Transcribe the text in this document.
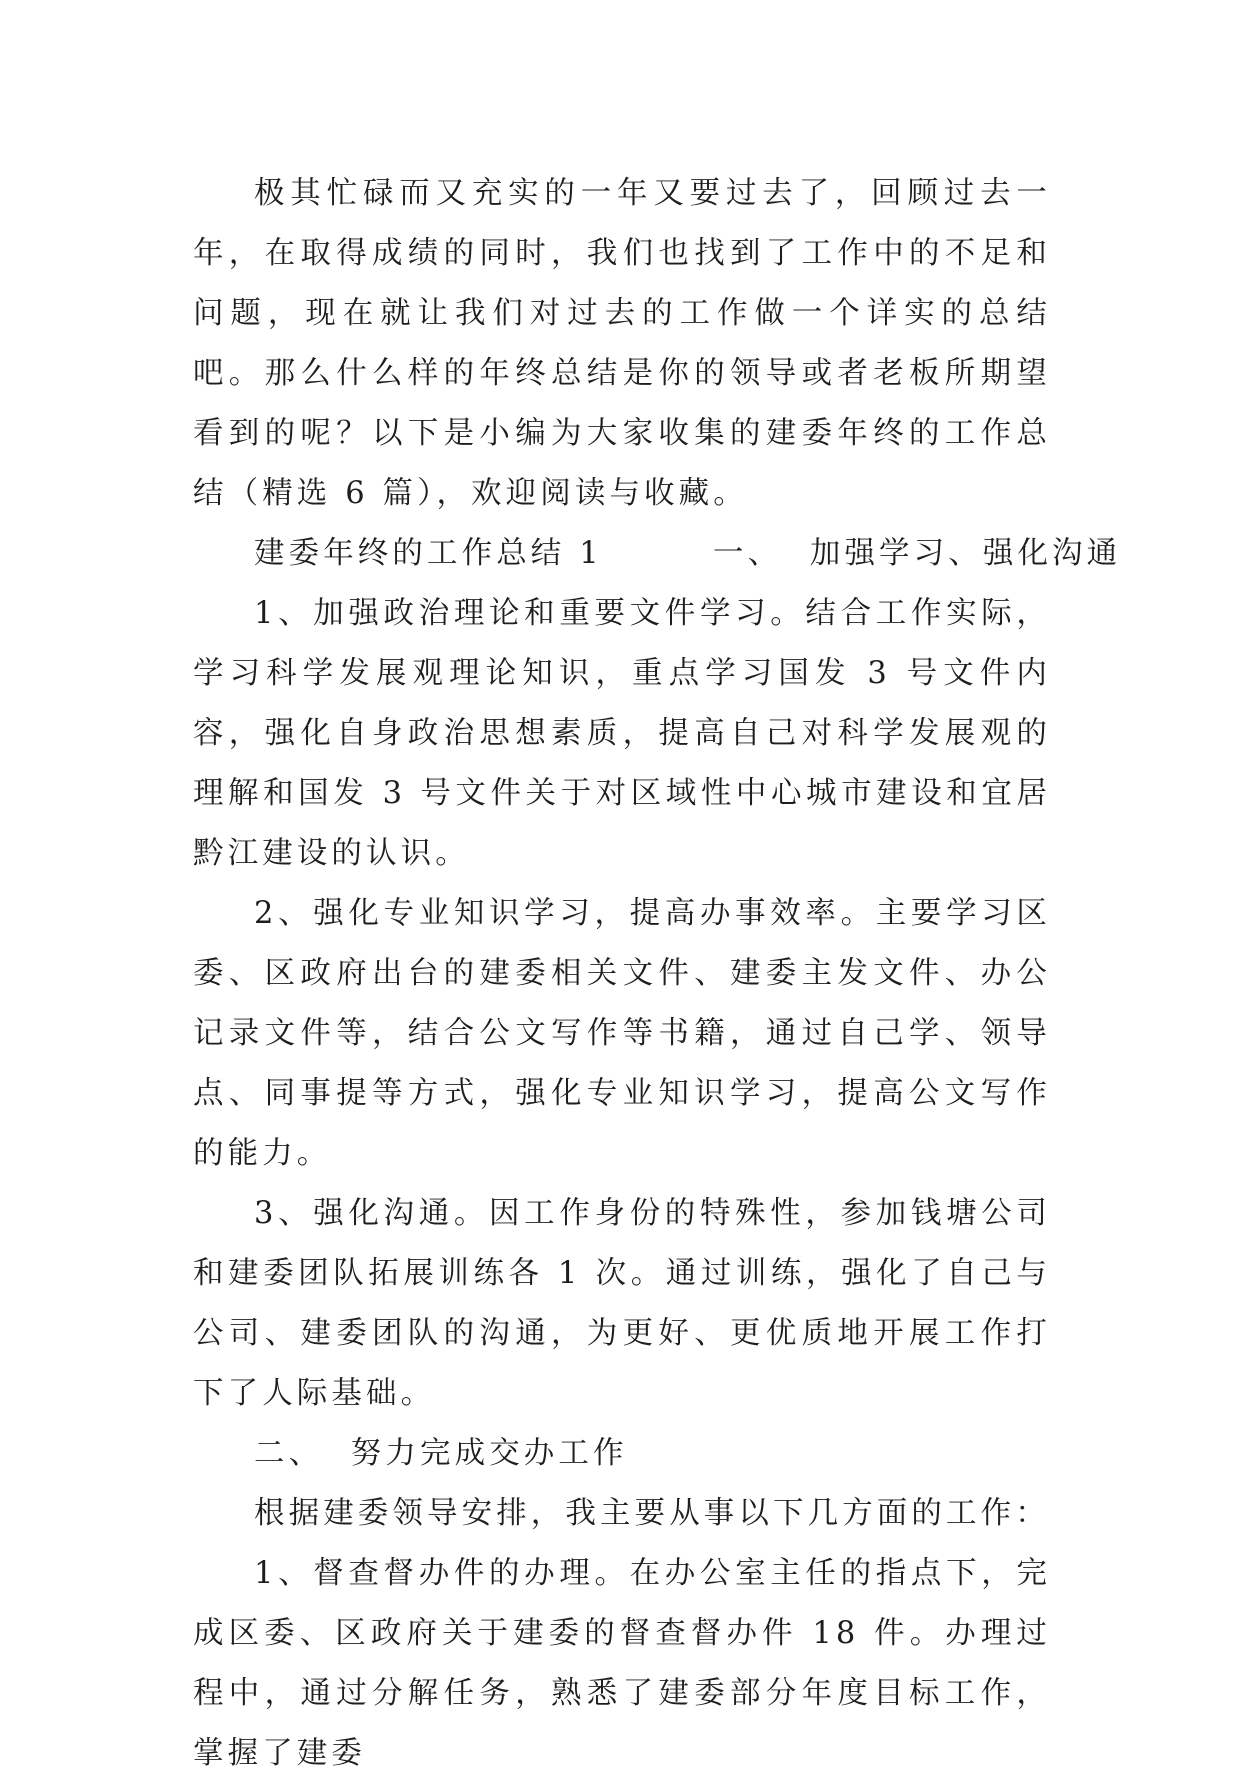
极其忙碌而又充实的一年又要过去了，回顾过去一年，在取得成绩的同时，我们也找到了工作中的不足和问题，现在就让我们对过去的工作做一个详实的总结吧。那么什么样的年终总结是你的领导或者老板所期望看到的呢？以下是小编为大家收集的建委年终的工作总结（精选 6 篇），欢迎阅读与收藏。

建委年终的工作总结 1        一、  加强学习、强化沟通

1、加强政治理论和重要文件学习。结合工作实际，学习科学发展观理论知识，重点学习国发 3 号文件内容，强化自身政治思想素质，提高自己对科学发展观的理解和国发 3 号文件关于对区域性中心城市建设和宜居黔江建设的认识。

2、强化专业知识学习，提高办事效率。主要学习区委、区政府出台的建委相关文件、建委主发文件、办公记录文件等，结合公文写作等书籍，通过自己学、领导点、同事提等方式，强化专业知识学习，提高公文写作的能力。

3、强化沟通。因工作身份的特殊性，参加钱塘公司和建委团队拓展训练各 1 次。通过训练，强化了自己与公司、建委团队的沟通，为更好、更优质地开展工作打下了人际基础。

二、  努力完成交办工作

根据建委领导安排，我主要从事以下几方面的工作：

1、督查督办件的办理。在办公室主任的指点下，完成区委、区政府关于建委的督查督办件 18 件。办理过程中，通过分解任务，熟悉了建委部分年度目标工作，掌握了建委
